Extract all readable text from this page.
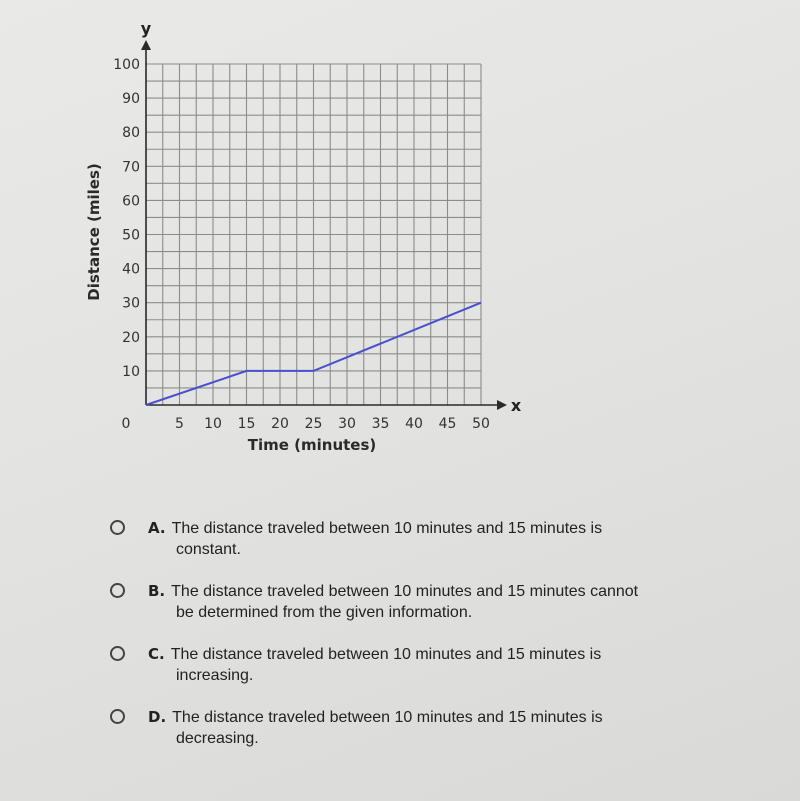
5 10 15 20 25 30 35 40 45 50
10
20
30
40
50
60
70
80
90
100
0
y
x
Time (minutes)
Distance (miles)
A. The distance traveled between 10 minutes and 15 minutes is
constant.
B. The distance traveled between 10 minutes and 15 minutes cannot
be determined from the given information.
C. The distance traveled between 10 minutes and 15 minutes is
increasing.
D. The distance traveled between 10 minutes and 15 minutes is
decreasing.
